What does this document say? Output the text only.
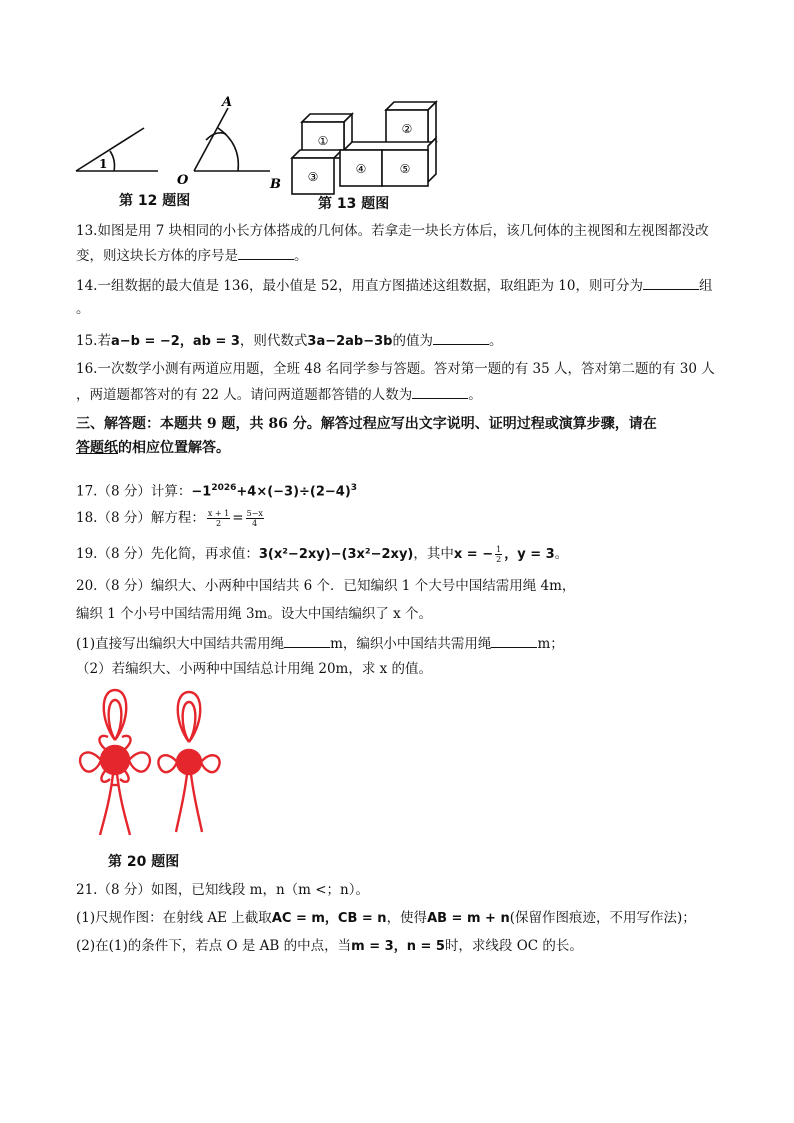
1
A
O	B
①
②
③
④	⑤
第 12 题图	第 13 题图
13.如图是用 7 块相同的小长方体搭成的几何体。若拿走一块长方体后，该几何体的主视图和左视图都没改
变，则这块长方体的序号是	。
14.一组数据的最大值是 136，最小值是 52，用直方图描述这组数据，取组距为 10，则可分为	组
。
15.若a−b = −2，ab = 3，则代数式3a−2ab−3b的值为	。
16.一次数学小测有两道应用题，全班 48 名同学参与答题。答对第一题的有 35 人，答对第二题的有 30 人
，两道题都答对的有 22 人。请问两道题都答错的人数为	。
三、解答题：本题共 9 题，共 86 分。解答过程应写出文字说明、证明过程或演算步骤，请在
答题纸的相应位置解答。
17.（8 分）计算：$-1^{2026}+4\times(-3)\div(2-4)^3$
18.（8 分）解方程： $\frac{x + 1}{2} = \frac{5-x}{4}$
19.（8 分）先化简，再求值：3(x²−2xy)−(3x²−2xy)，其中x = − $\frac{1}{2}$ ，y = 3。
20.（8 分）编织大、小两种中国结共 6 个．已知编织 1 个大号中国结需用绳 4m，
编织 1 个小号中国结需用绳 3m。设大中国结编织了 x 个。
(1)直接写出编织大中国结共需用绳	m，编织小中国结共需用绳	m；
（2）若编织大、小两种中国结总计用绳 20m，求 x 的值。
第 20 题图
21.（8 分）如图，已知线段 m，n（m <；n）。
(1)尺规作图：在射线 AE 上截取AC = m，CB = n，使得AB = m + n(保留作图痕迹，不用写作法)；
(2)在(1)的条件下，若点 O 是 AB 的中点，当m = 3，n = 5时，求线段 OC 的长。
